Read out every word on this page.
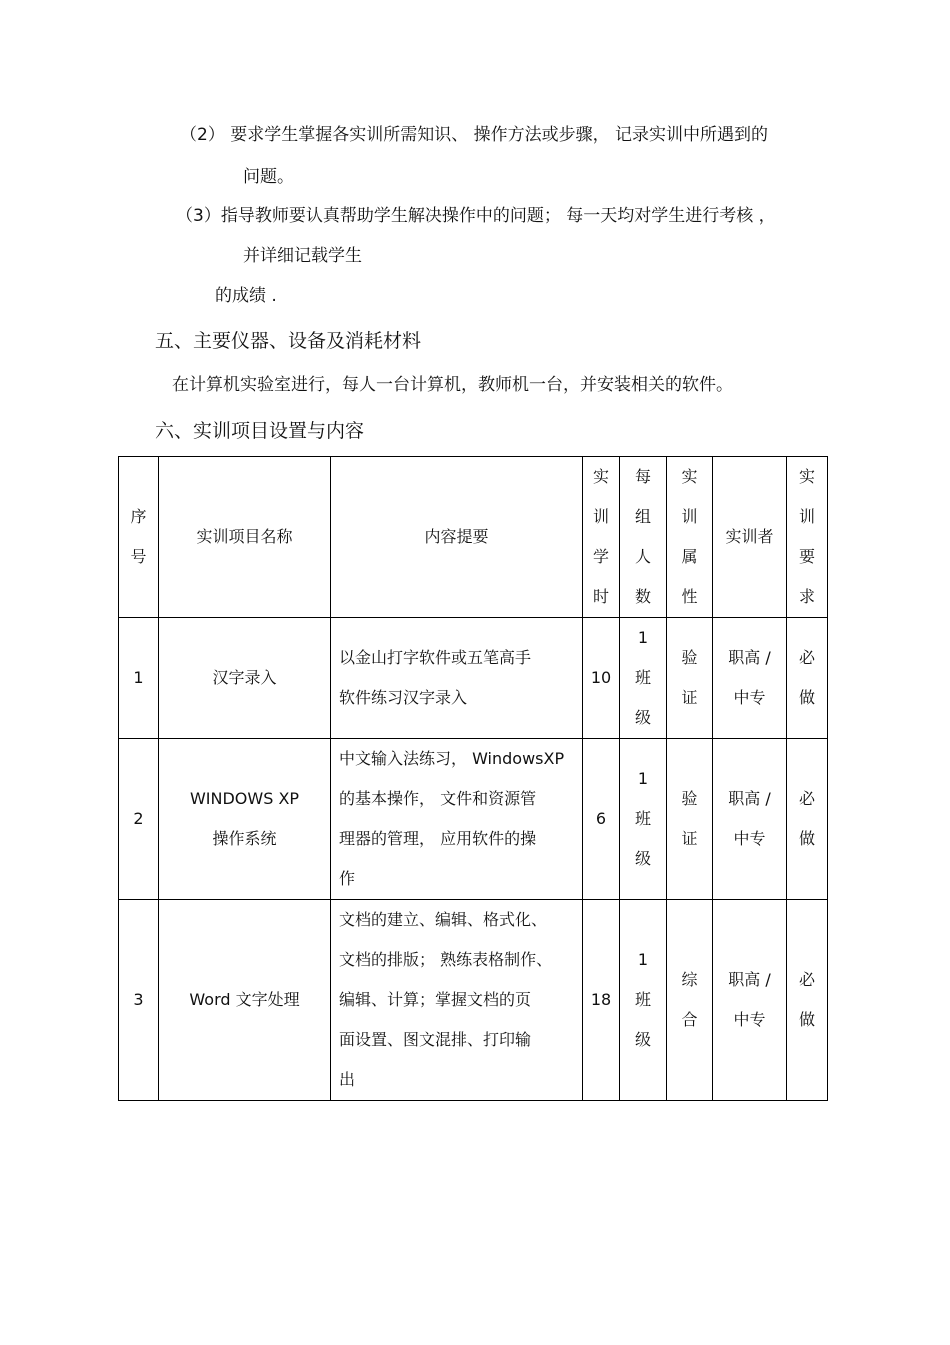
（2） 要求学生掌握各实训所需知识、 操作方法或步骤， 记录实训中所遇到的
问题。
（3）指导教师要认真帮助学生解决操作中的问题； 每一天均对学生进行考核 ，
并详细记载学生
的成绩 .
五、主要仪器、设备及消耗材料
在计算机实验室进行，每人一台计算机，教师机一台，并安装相关的软件。
六、实训项目设置与内容
序号	实训项目名称	内容提要	实训学时	每组人数	实训属性	实训者	实训要求
1	汉字录入	以金山打字软件或五笔高手
软件练习汉字录入	10	1
班
级	验证	职高 /
中专	必做
2	WINDOWS XP
操作系统	中文输入法练习， WindowsXP
的基本操作， 文件和资源管
理器的管理， 应用软件的操
作	6	1
班
级	验证	职高 /
中专	必做
3	Word 文字处理	文档的建立、编辑、格式化、
文档的排版； 熟练表格制作、
编辑、计算；掌握文档的页
面设置、图文混排、打印输
出	18	1
班
级	综合	职高 /
中专	必做
